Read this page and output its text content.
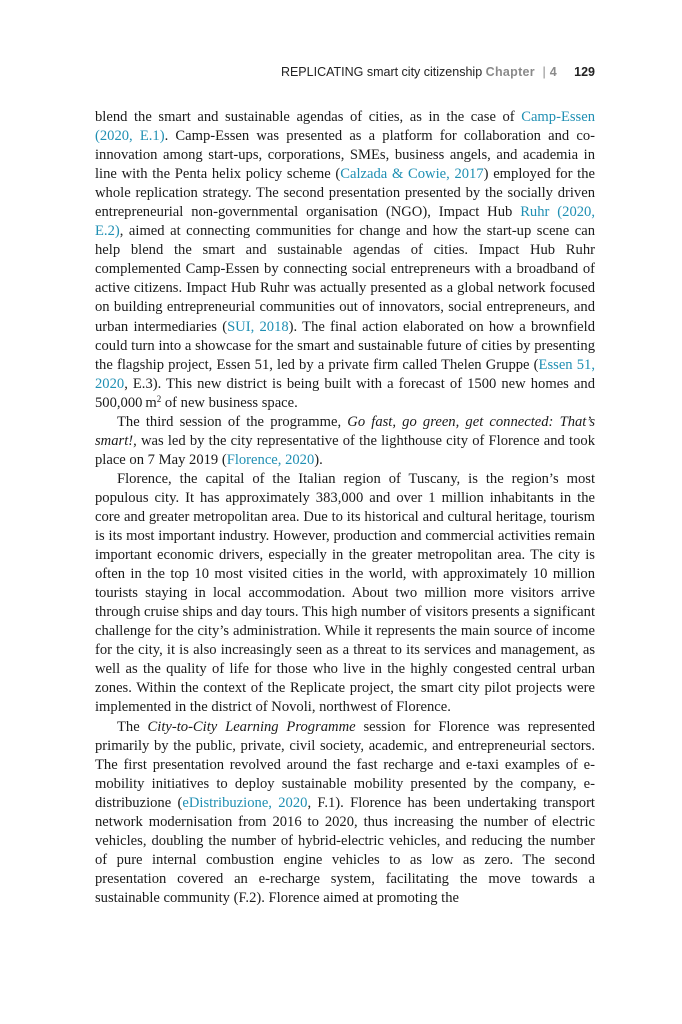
REPLICATING smart city citizenship Chapter | 4 129

blend the smart and sustainable agendas of cities, as in the case of Camp-Essen (2020, E.1). Camp-Essen was presented as a platform for collaboration and co-innovation among start-ups, corporations, SMEs, business angels, and academia in line with the Penta helix policy scheme (Calzada & Cowie, 2017) employed for the whole replication strategy. The second presentation presented by the socially driven entrepreneurial non-governmental organisation (NGO), Impact Hub Ruhr (2020, E.2), aimed at connecting communities for change and how the start-up scene can help blend the smart and sustainable agendas of cities. Impact Hub Ruhr complemented Camp-Essen by connecting social entrepreneurs with a broadband of active citizens. Impact Hub Ruhr was actually presented as a global network focused on building entrepreneurial communities out of innovators, social entrepreneurs, and urban intermediaries (SUI, 2018). The final action elaborated on how a brownfield could turn into a showcase for the smart and sustainable future of cities by presenting the flagship project, Essen 51, led by a private firm called Thelen Gruppe (Essen 51, 2020, E.3). This new district is being built with a forecast of 1500 new homes and 500,000 $m^2$ of new business space.

The third session of the programme, Go fast, go green, get connected: That’s smart!, was led by the city representative of the lighthouse city of Florence and took place on 7 May 2019 (Florence, 2020).

Florence, the capital of the Italian region of Tuscany, is the region’s most populous city. It has approximately 383,000 and over 1 million inhabitants in the core and greater metropolitan area. Due to its historical and cultural heritage, tourism is its most important industry. However, production and commercial activities remain important economic drivers, especially in the greater metropolitan area. The city is often in the top 10 most visited cities in the world, with approximately 10 million tourists staying in local accommodation. About two million more visitors arrive through cruise ships and day tours. This high number of visitors presents a significant challenge for the city’s administration. While it represents the main source of income for the city, it is also increasingly seen as a threat to its services and management, as well as the quality of life for those who live in the highly congested central urban zones. Within the context of the Replicate project, the smart city pilot projects were implemented in the district of Novoli, northwest of Florence.

The City-to-City Learning Programme session for Florence was represented primarily by the public, private, civil society, academic, and entrepreneurial sectors. The first presentation revolved around the fast recharge and e-taxi examples of e-mobility initiatives to deploy sustainable mobility presented by the company, e-distribuzione (eDistribuzione, 2020, F.1). Florence has been undertaking transport network modernisation from 2016 to 2020, thus increasing the number of electric vehicles, doubling the number of hybrid-electric vehicles, and reducing the number of pure internal combustion engine vehicles to as low as zero. The second presentation covered an e-recharge system, facilitating the move towards a sustainable community (F.2). Florence aimed at promoting the
